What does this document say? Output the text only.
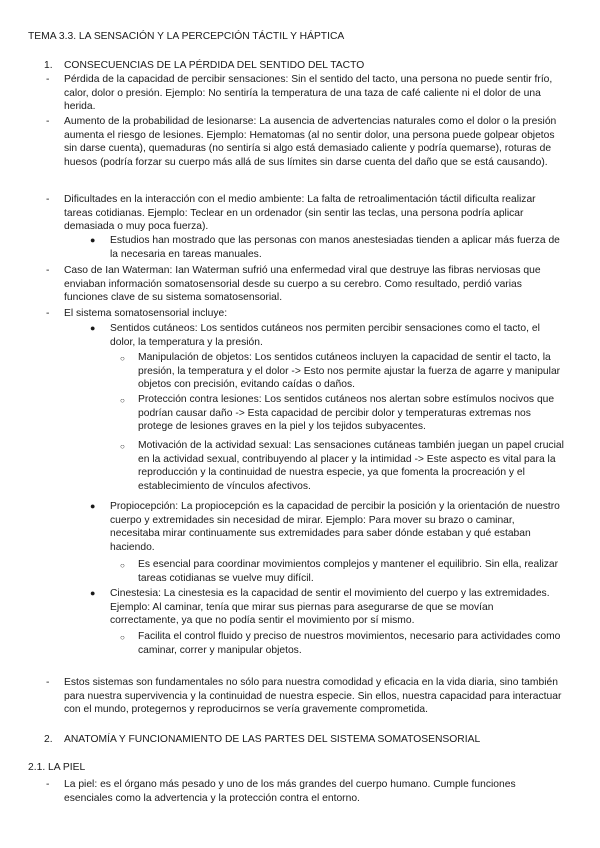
TEMA 3.3. LA SENSACIÓN Y LA PERCEPCIÓN TÁCTIL Y HÁPTICA
1. CONSECUENCIAS DE LA PÉRDIDA DEL SENTIDO DEL TACTO
-	Pérdida de la capacidad de percibir sensaciones: Sin el sentido del tacto, una persona no puede sentir frío, calor, dolor o presión. Ejemplo: No sentiría la temperatura de una taza de café caliente ni el dolor de una herida.
-	Aumento de la probabilidad de lesionarse: La ausencia de advertencias naturales como el dolor o la presión aumenta el riesgo de lesiones. Ejemplo: Hematomas (al no sentir dolor, una persona puede golpear objetos sin darse cuenta), quemaduras (no sentiría si algo está demasiado caliente y podría quemarse), roturas de huesos (podría forzar su cuerpo más allá de sus límites sin darse cuenta del daño que se está causando).
-	Dificultades en la interacción con el medio ambiente: La falta de retroalimentación táctil dificulta realizar tareas cotidianas. Ejemplo: Teclear en un ordenador (sin sentir las teclas, una persona podría aplicar demasiada o muy poca fuerza).
● Estudios han mostrado que las personas con manos anestesiadas tienden a aplicar más fuerza de la necesaria en tareas manuales.
-	Caso de Ian Waterman: Ian Waterman sufrió una enfermedad viral que destruye las fibras nerviosas que enviaban información somatosensorial desde su cuerpo a su cerebro. Como resultado, perdió varias funciones clave de su sistema somatosensorial.
-	El sistema somatosensorial incluye:
● Sentidos cutáneos: Los sentidos cutáneos nos permiten percibir sensaciones como el tacto, el dolor, la temperatura y la presión.
○ Manipulación de objetos: Los sentidos cutáneos incluyen la capacidad de sentir el tacto, la presión, la temperatura y el dolor -> Esto nos permite ajustar la fuerza de agarre y manipular objetos con precisión, evitando caídas o daños.
○ Protección contra lesiones: Los sentidos cutáneos nos alertan sobre estímulos nocivos que podrían causar daño -> Esta capacidad de percibir dolor y temperaturas extremas nos protege de lesiones graves en la piel y los tejidos subyacentes.
○ Motivación de la actividad sexual: Las sensaciones cutáneas también juegan un papel crucial en la actividad sexual, contribuyendo al placer y la intimidad -> Este aspecto es vital para la reproducción y la continuidad de nuestra especie, ya que fomenta la procreación y el establecimiento de vínculos afectivos.
● Propiocepción: La propiocepción es la capacidad de percibir la posición y la orientación de nuestro cuerpo y extremidades sin necesidad de mirar. Ejemplo: Para mover su brazo o caminar, necesitaba mirar continuamente sus extremidades para saber dónde estaban y qué estaban haciendo.
○ Es esencial para coordinar movimientos complejos y mantener el equilibrio. Sin ella, realizar tareas cotidianas se vuelve muy difícil.
● Cinestesia: La cinestesia es la capacidad de sentir el movimiento del cuerpo y las extremidades. Ejemplo: Al caminar, tenía que mirar sus piernas para asegurarse de que se movían correctamente, ya que no podía sentir el movimiento por sí mismo.
○ Facilita el control fluido y preciso de nuestros movimientos, necesario para actividades como caminar, correr y manipular objetos.
-	Estos sistemas son fundamentales no sólo para nuestra comodidad y eficacia en la vida diaria, sino también para nuestra supervivencia y la continuidad de nuestra especie. Sin ellos, nuestra capacidad para interactuar con el mundo, protegernos y reproducirnos se vería gravemente comprometida.
2. ANATOMÍA Y FUNCIONAMIENTO DE LAS PARTES DEL SISTEMA SOMATOSENSORIAL
2.1. LA PIEL
-	La piel: es el órgano más pesado y uno de los más grandes del cuerpo humano. Cumple funciones esenciales como la advertencia y la protección contra el entorno.
